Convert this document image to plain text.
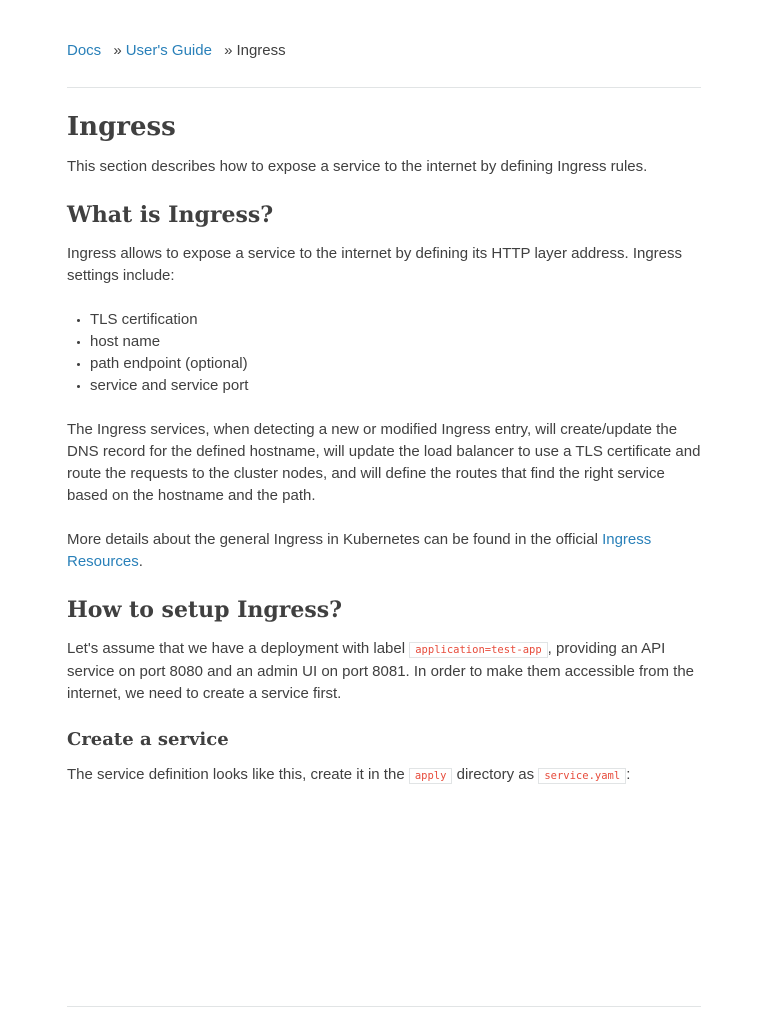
Docs » User's Guide » Ingress
Ingress

This section describes how to expose a service to the internet by defining Ingress rules.

What is Ingress?

Ingress allows to expose a service to the internet by defining its HTTP layer address. Ingress settings include:

• TLS certification
• host name
• path endpoint (optional)
• service and service port

The Ingress services, when detecting a new or modified Ingress entry, will create/update the DNS record for the defined hostname, will update the load balancer to use a TLS certificate and route the requests to the cluster nodes, and will define the routes that find the right service based on the hostname and the path.

More details about the general Ingress in Kubernetes can be found in the official Ingress Resources.

How to setup Ingress?

Let's assume that we have a deployment with label application=test-app , providing an API service on port 8080 and an admin UI on port 8081. In order to make them accessible from the internet, we need to create a service first.

Create a service

The service definition looks like this, create it in the apply directory as service.yaml :
